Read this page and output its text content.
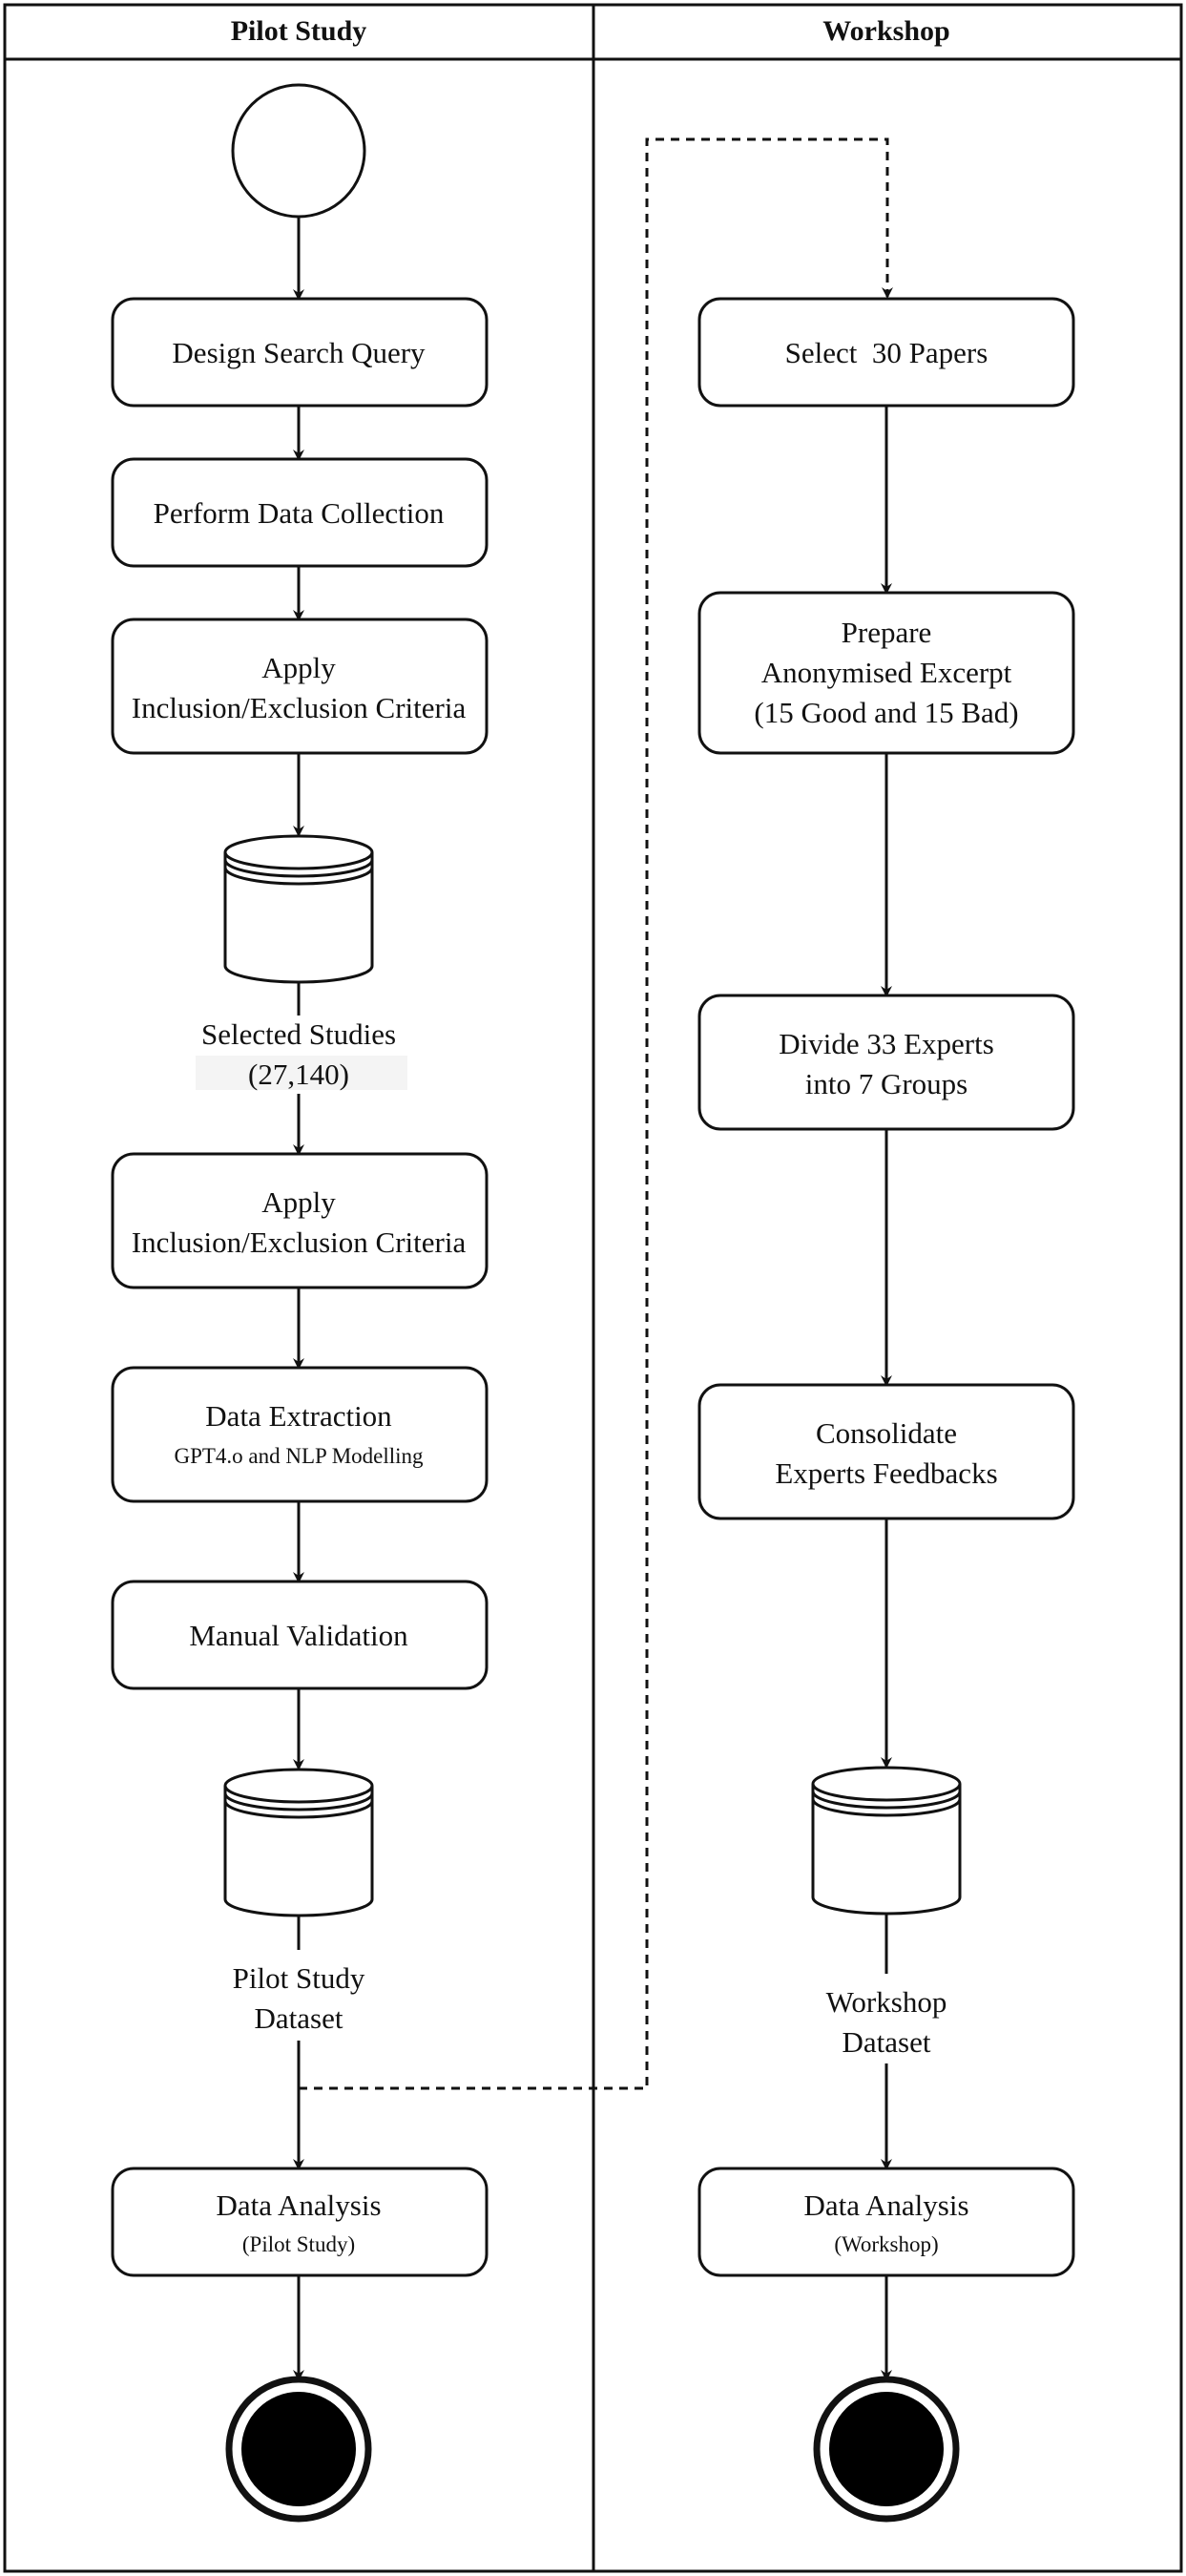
Pilot Study	Workshop
Design Search Query
Perform Data Collection
Apply
Inclusion/Exclusion Criteria
Selected Studies
(27,140)
Apply
Inclusion/Exclusion Criteria
Data Extraction
GPT4.o and NLP Modelling
Manual Validation
Pilot Study
Dataset
Data Analysis
(Pilot Study)
Select  30 Papers
Prepare
Anonymised Excerpt
(15 Good and 15 Bad)
Divide 33 Experts
into 7 Groups
Consolidate
Experts Feedbacks
Workshop
Dataset
Data Analysis
(Workshop)
